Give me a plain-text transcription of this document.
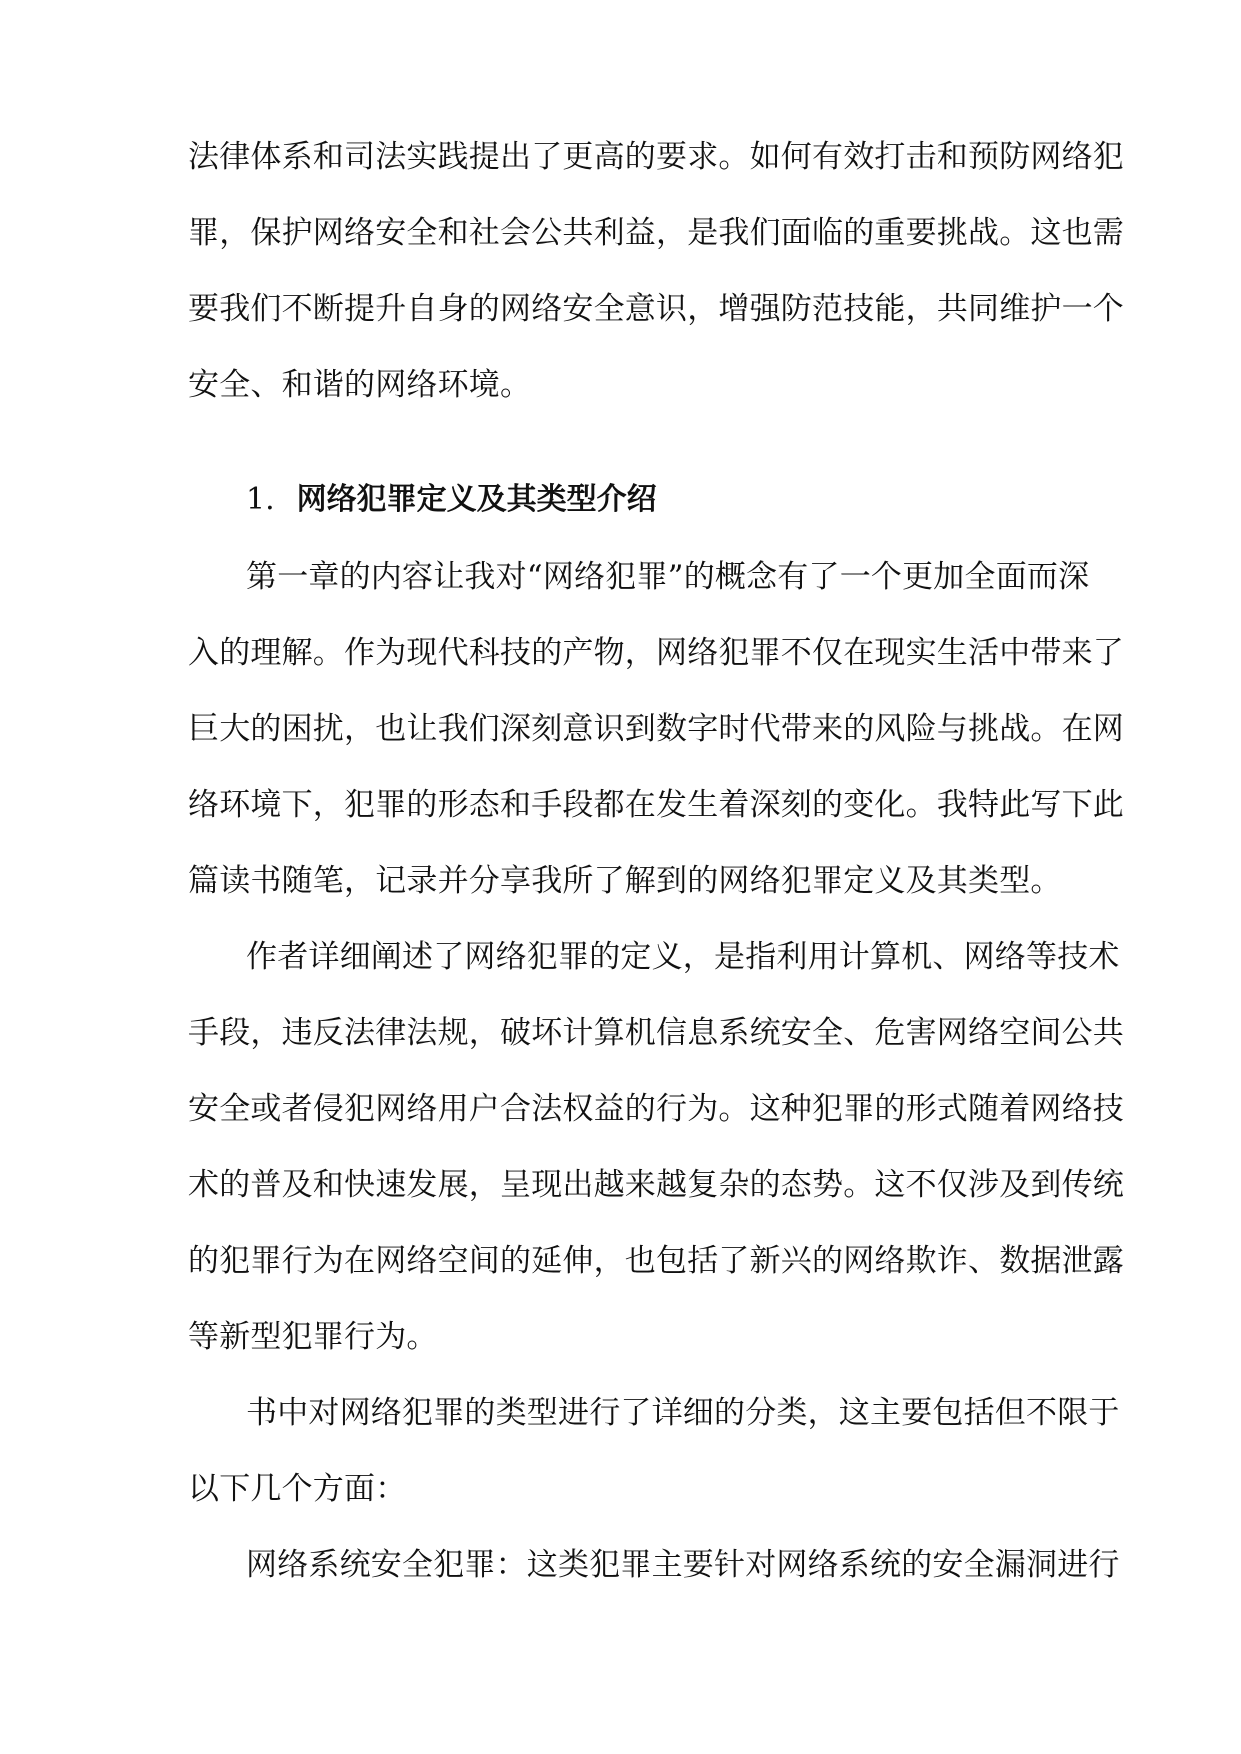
法律体系和司法实践提出了更高的要求。如何有效打击和预防网络犯
罪，保护网络安全和社会公共利益，是我们面临的重要挑战。这也需
要我们不断提升自身的网络安全意识，增强防范技能，共同维护一个
安全、和谐的网络环境。
1. 网络犯罪定义及其类型介绍
第一章的内容让我对“网络犯罪”的概念有了一个更加全面而深
入的理解。作为现代科技的产物，网络犯罪不仅在现实生活中带来了
巨大的困扰，也让我们深刻意识到数字时代带来的风险与挑战。在网
络环境下，犯罪的形态和手段都在发生着深刻的变化。我特此写下此
篇读书随笔，记录并分享我所了解到的网络犯罪定义及其类型。
作者详细阐述了网络犯罪的定义，是指利用计算机、网络等技术
手段，违反法律法规，破坏计算机信息系统安全、危害网络空间公共
安全或者侵犯网络用户合法权益的行为。这种犯罪的形式随着网络技
术的普及和快速发展，呈现出越来越复杂的态势。这不仅涉及到传统
的犯罪行为在网络空间的延伸，也包括了新兴的网络欺诈、数据泄露
等新型犯罪行为。
书中对网络犯罪的类型进行了详细的分类，这主要包括但不限于
以下几个方面：
网络系统安全犯罪：这类犯罪主要针对网络系统的安全漏洞进行
